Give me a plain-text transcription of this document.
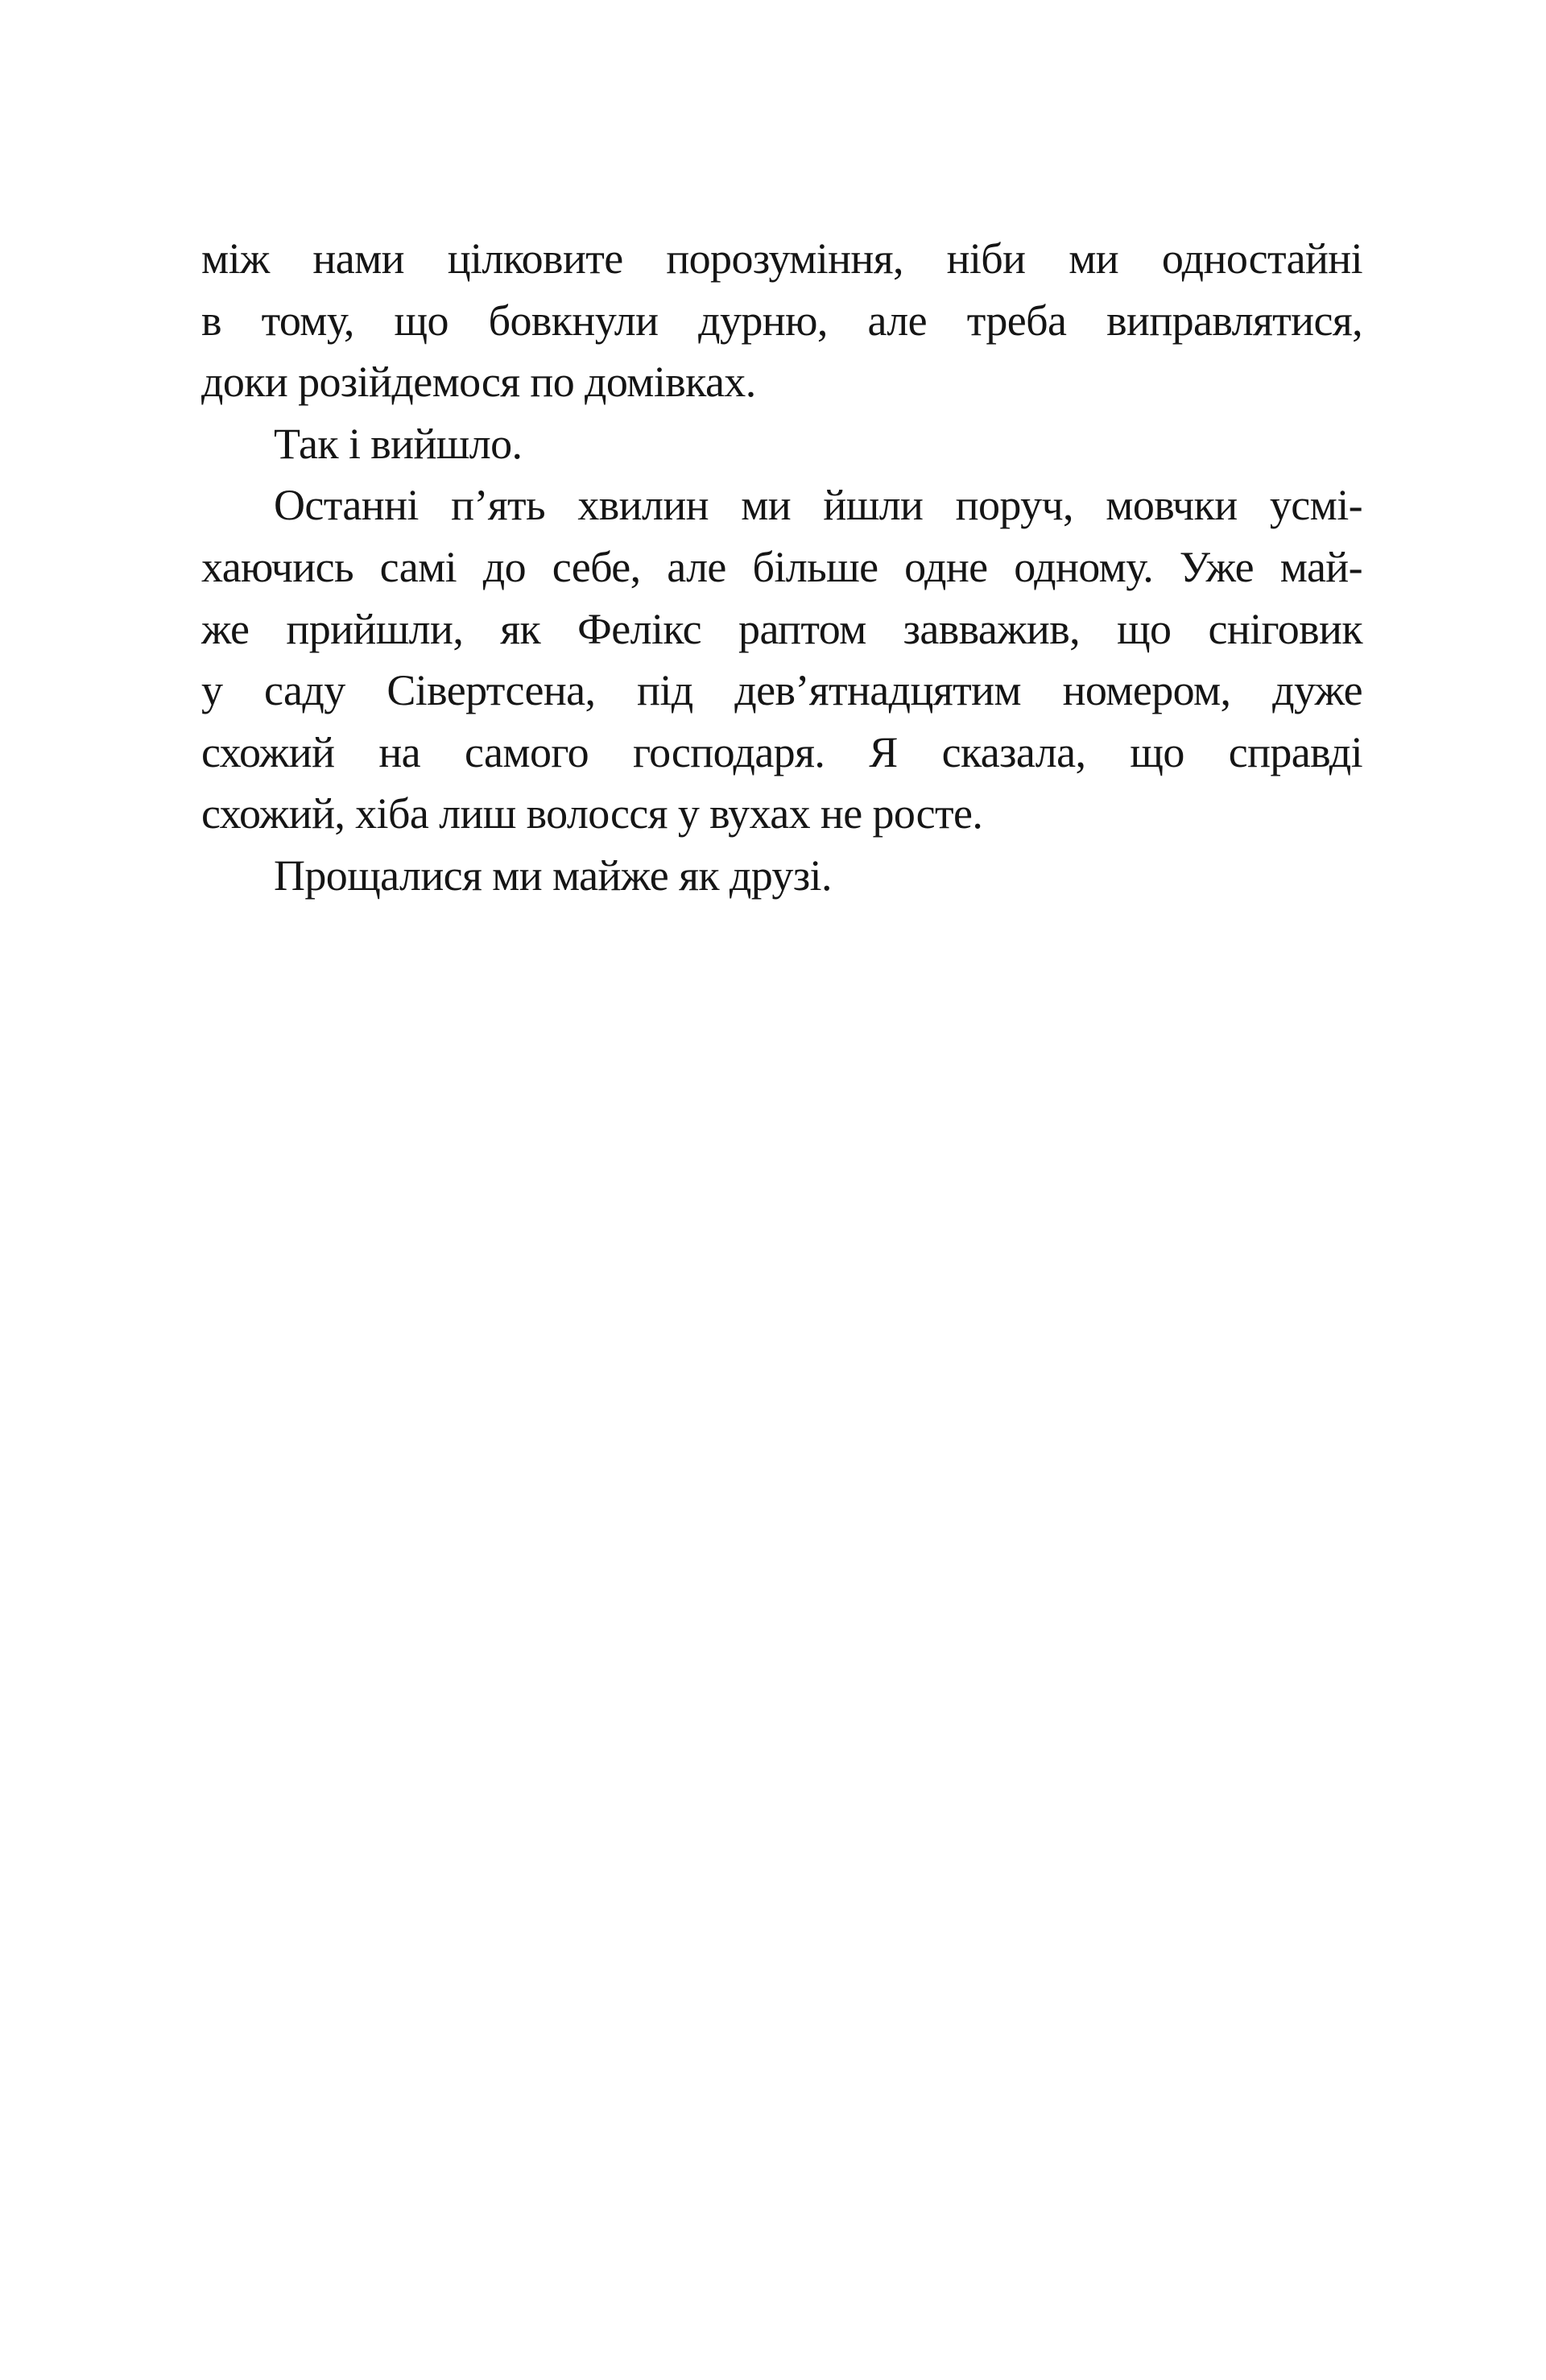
між нами цілковите порозуміння, ніби ми одностайні
в тому, що бовкнули дурню, але треба виправлятися,
доки розійдемося по домівках.
Так і вийшло.
Останні п’ять хвилин ми йшли поруч, мовчки усмі-
хаючись самі до себе, але більше одне одному. Уже май-
же прийшли, як Фелікс раптом завважив, що сніговик
у саду Сівертсена, під дев’ятнадцятим номером, дуже
схожий на самого господаря. Я сказала, що справді
схожий, хіба лиш волосся у вухах не росте.
Прощалися ми майже як друзі.
